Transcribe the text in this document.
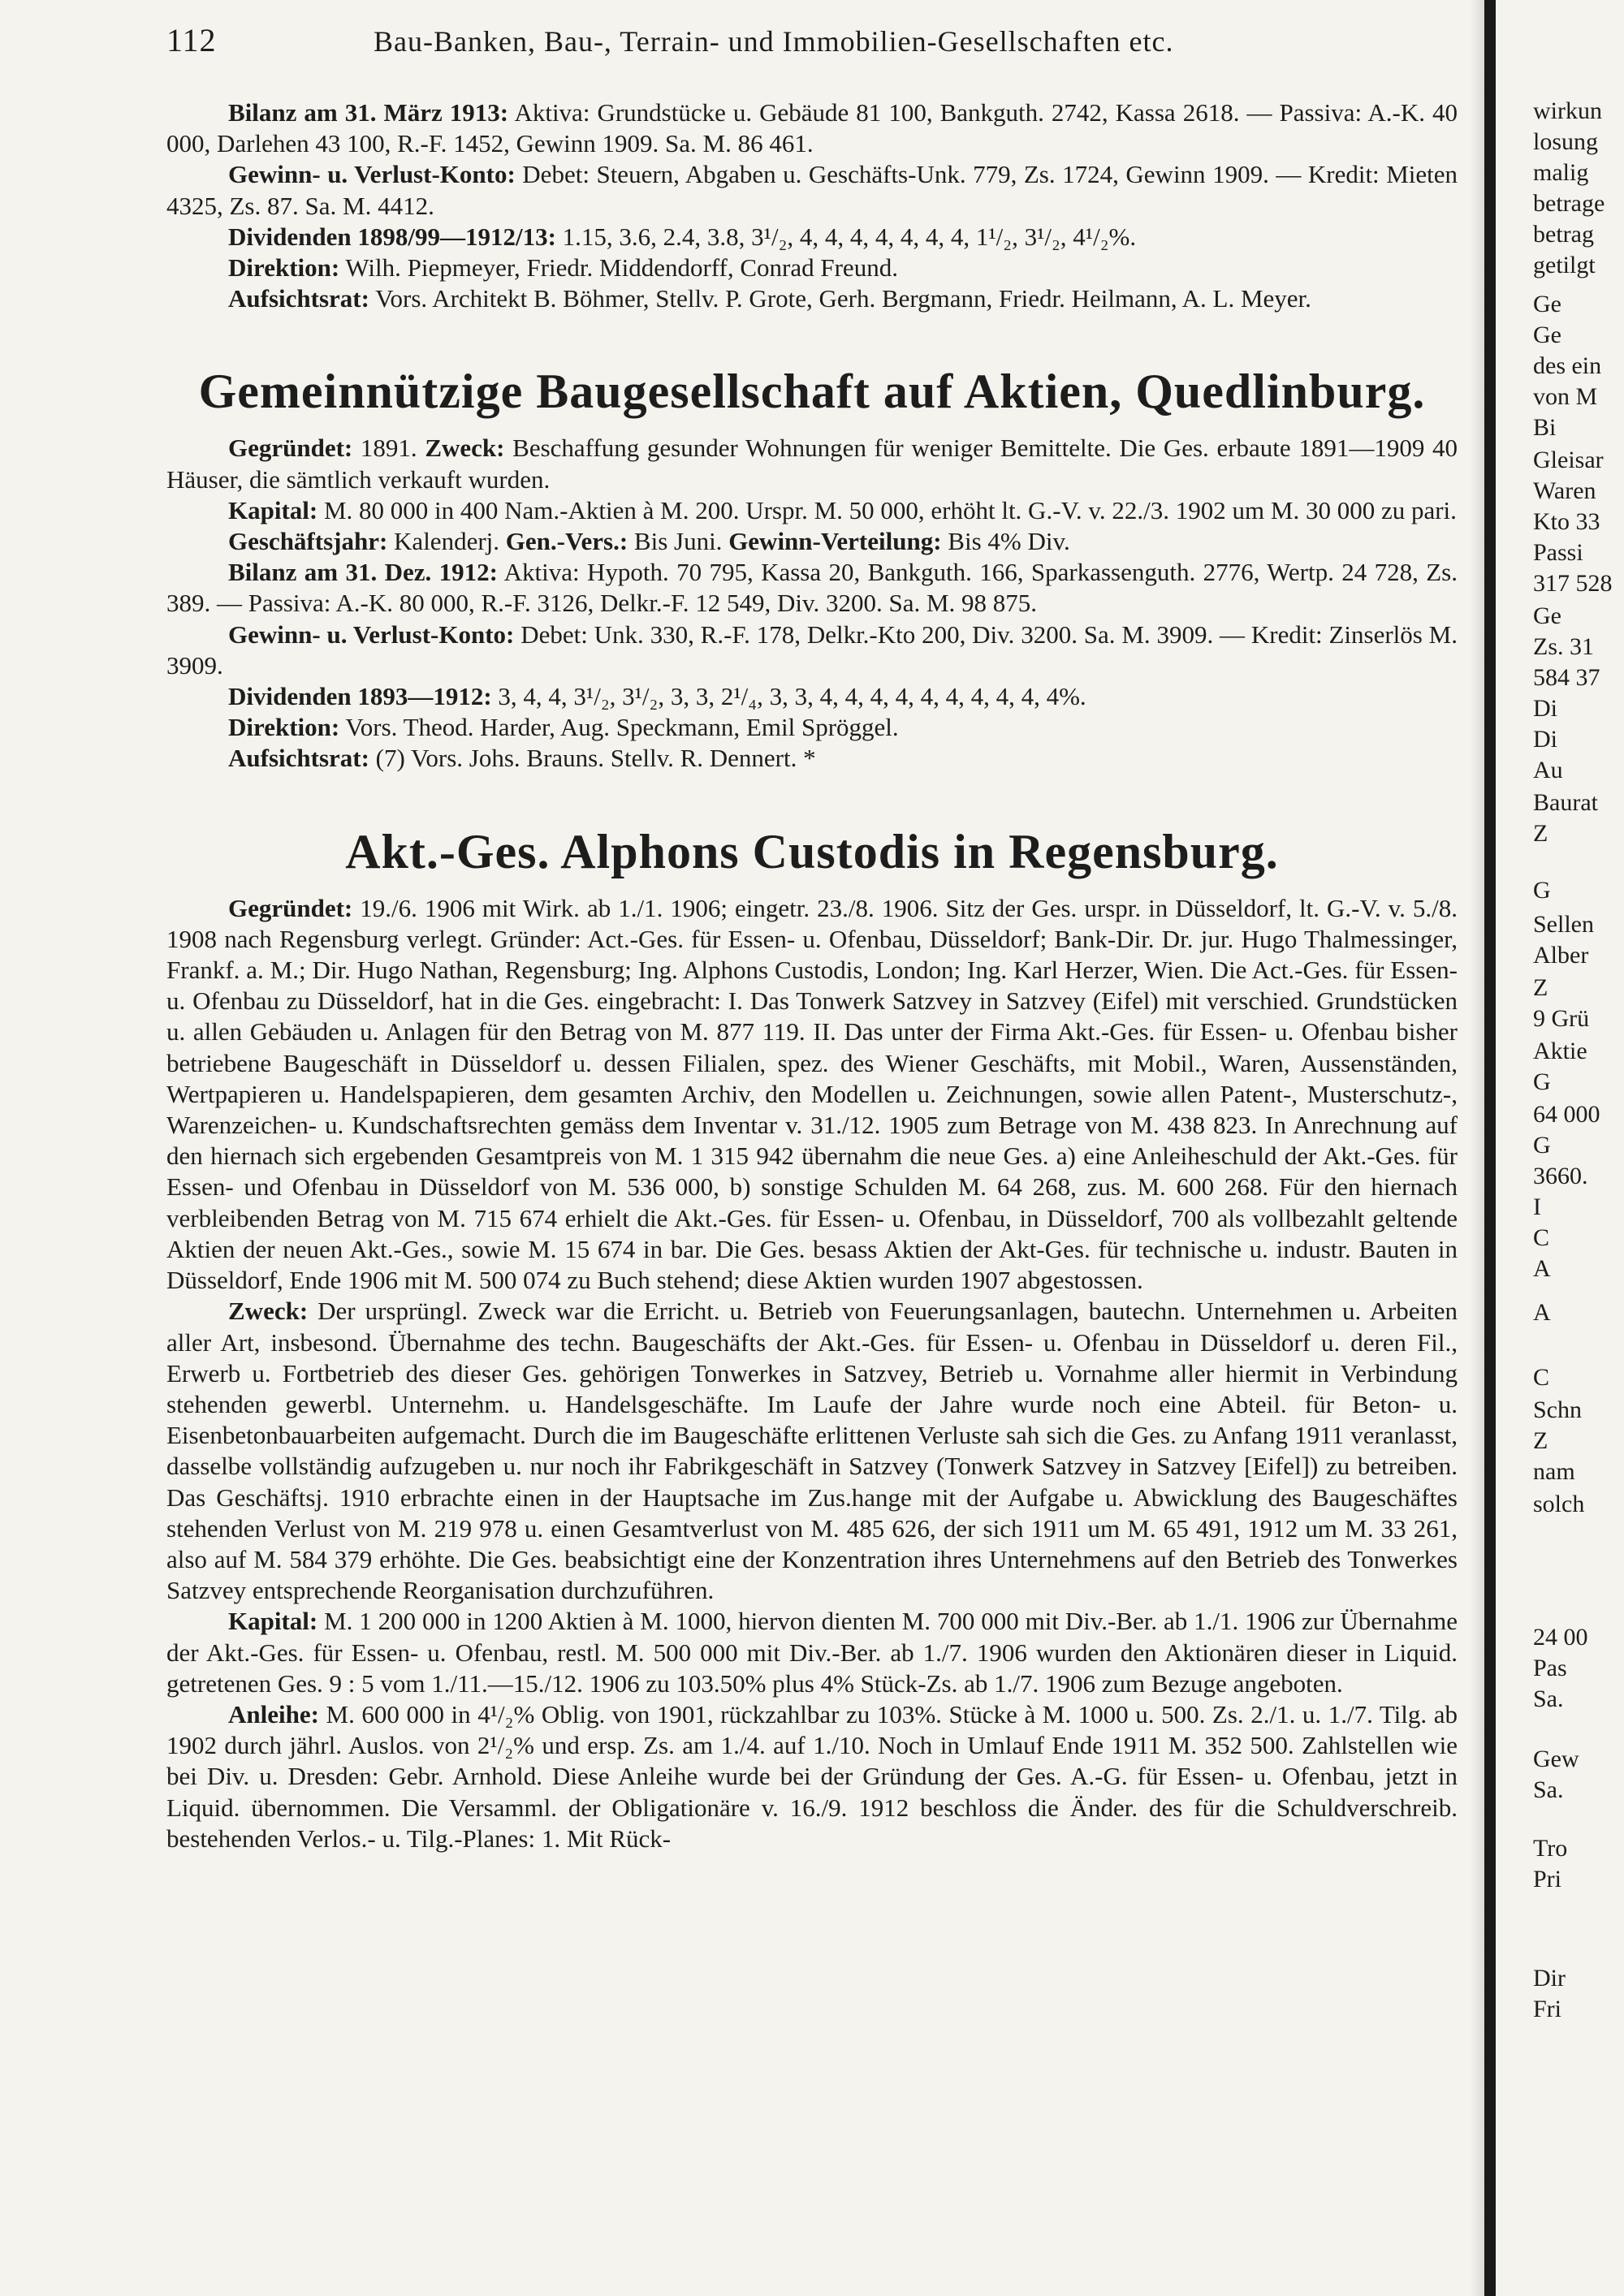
112	Bau-Banken, Bau-, Terrain- und Immobilien-Gesellschaften etc.

Bilanz am 31. März 1913: Aktiva: Grundstücke u. Gebäude 81 100, Bankguth. 2742, Kassa 2618. — Passiva: A.-K. 40 000, Darlehen 43 100, R.-F. 1452, Gewinn 1909. Sa. M. 86 461.

Gewinn- u. Verlust-Konto: Debet: Steuern, Abgaben u. Geschäfts-Unk. 779, Zs. 1724, Gewinn 1909. — Kredit: Mieten 4325, Zs. 87. Sa. M. 4412.

Dividenden 1898/99—1912/13: 1.15, 3.6, 2.4, 3.8, 3¹/₂, 4, 4, 4, 4, 4, 4, 4, 1¹/₂, 3¹/₂, 4¹/₂%.

Direktion: Wilh. Piepmeyer, Friedr. Middendorff, Conrad Freund.

Aufsichtsrat: Vors. Architekt B. Böhmer, Stellv. P. Grote, Gerh. Bergmann, Friedr. Heilmann, A. L. Meyer.

Gemeinnützige Baugesellschaft auf Aktien, Quedlinburg.

Gegründet: 1891. Zweck: Beschaffung gesunder Wohnungen für weniger Bemittelte. Die Ges. erbaute 1891—1909 40 Häuser, die sämtlich verkauft wurden.

Kapital: M. 80 000 in 400 Nam.-Aktien à M. 200. Urspr. M. 50 000, erhöht lt. G.-V. v. 22./3. 1902 um M. 30 000 zu pari.

Geschäftsjahr: Kalenderj. Gen.-Vers.: Bis Juni. Gewinn-Verteilung: Bis 4% Div.

Bilanz am 31. Dez. 1912: Aktiva: Hypoth. 70 795, Kassa 20, Bankguth. 166, Sparkassenguth. 2776, Wertp. 24 728, Zs. 389. — Passiva: A.-K. 80 000, R.-F. 3126, Delkr.-F. 12 549, Div. 3200. Sa. M. 98 875.

Gewinn- u. Verlust-Konto: Debet: Unk. 330, R.-F. 178, Delkr.-Kto 200, Div. 3200. Sa. M. 3909. — Kredit: Zinserlös M. 3909.

Dividenden 1893—1912: 3, 4, 4, 3¹/₂, 3¹/₂, 3, 3, 2¹/₄, 3, 3, 4, 4, 4, 4, 4, 4, 4, 4, 4, 4%.

Direktion: Vors. Theod. Harder, Aug. Speckmann, Emil Spröggel.

Aufsichtsrat: (7) Vors. Johs. Brauns. Stellv. R. Dennert. *

Akt.-Ges. Alphons Custodis in Regensburg.

Gegründet: 19./6. 1906 mit Wirk. ab 1./1. 1906; eingetr. 23./8. 1906. Sitz der Ges. urspr. in Düsseldorf, lt. G.-V. v. 5./8. 1908 nach Regensburg verlegt. Gründer: Act.-Ges. für Essen- u. Ofenbau, Düsseldorf; Bank-Dir. Dr. jur. Hugo Thalmessinger, Frankf. a. M.; Dir. Hugo Nathan, Regensburg; Ing. Alphons Custodis, London; Ing. Karl Herzer, Wien. Die Act.-Ges. für Essen- u. Ofenbau zu Düsseldorf, hat in die Ges. eingebracht: I. Das Tonwerk Satzvey in Satzvey (Eifel) mit verschied. Grundstücken u. allen Gebäuden u. Anlagen für den Betrag von M. 877 119. II. Das unter der Firma Akt.-Ges. für Essen- u. Ofenbau bisher betriebene Baugeschäft in Düsseldorf u. dessen Filialen, spez. des Wiener Geschäfts, mit Mobil., Waren, Aussenständen, Wertpapieren u. Handelspapieren, dem gesamten Archiv, den Modellen u. Zeichnungen, sowie allen Patent-, Musterschutz-, Warenzeichen- u. Kundschaftsrechten gemäss dem Inventar v. 31./12. 1905 zum Betrage von M. 438 823. In Anrechnung auf den hiernach sich ergebenden Gesamtpreis von M. 1 315 942 übernahm die neue Ges. a) eine Anleiheschuld der Akt.-Ges. für Essen- und Ofenbau in Düsseldorf von M. 536 000, b) sonstige Schulden M. 64 268, zus. M. 600 268. Für den hiernach verbleibenden Betrag von M. 715 674 erhielt die Akt.-Ges. für Essen- u. Ofenbau, in Düsseldorf, 700 als vollbezahlt geltende Aktien der neuen Akt.-Ges., sowie M. 15 674 in bar. Die Ges. besass Aktien der Akt-Ges. für technische u. industr. Bauten in Düsseldorf, Ende 1906 mit M. 500 074 zu Buch stehend; diese Aktien wurden 1907 abgestossen.

Zweck: Der ursprüngl. Zweck war die Erricht. u. Betrieb von Feuerungsanlagen, bautechn. Unternehmen u. Arbeiten aller Art, insbesond. Übernahme des techn. Baugeschäfts der Akt.-Ges. für Essen- u. Ofenbau in Düsseldorf u. deren Fil., Erwerb u. Fortbetrieb des dieser Ges. gehörigen Tonwerkes in Satzvey, Betrieb u. Vornahme aller hiermit in Verbindung stehenden gewerbl. Unternehm. u. Handelsgeschäfte. Im Laufe der Jahre wurde noch eine Abteil. für Beton- u. Eisenbetonbauarbeiten aufgemacht. Durch die im Baugeschäfte erlittenen Verluste sah sich die Ges. zu Anfang 1911 veranlasst, dasselbe vollständig aufzugeben u. nur noch ihr Fabrikgeschäft in Satzvey (Tonwerk Satzvey in Satzvey [Eifel]) zu betreiben. Das Geschäftsj. 1910 erbrachte einen in der Hauptsache im Zus.hange mit der Aufgabe u. Abwicklung des Baugeschäftes stehenden Verlust von M. 219 978 u. einen Gesamtverlust von M. 485 626, der sich 1911 um M. 65 491, 1912 um M. 33 261, also auf M. 584 379 erhöhte. Die Ges. beabsichtigt eine der Konzentration ihres Unternehmens auf den Betrieb des Tonwerkes Satzvey entsprechende Reorganisation durchzuführen.

Kapital: M. 1 200 000 in 1200 Aktien à M. 1000, hiervon dienten M. 700 000 mit Div.-Ber. ab 1./1. 1906 zur Übernahme der Akt.-Ges. für Essen- u. Ofenbau, restl. M. 500 000 mit Div.-Ber. ab 1./7. 1906 wurden den Aktionären dieser in Liquid. getretenen Ges. 9 : 5 vom 1./11.—15./12. 1906 zu 103.50% plus 4% Stück-Zs. ab 1./7. 1906 zum Bezuge angeboten.

Anleihe: M. 600 000 in 4¹/₂% Oblig. von 1901, rückzahlbar zu 103%. Stücke à M. 1000 u. 500. Zs. 2./1. u. 1./7. Tilg. ab 1902 durch jährl. Auslos. von 2¹/₂% und ersp. Zs. am 1./4. auf 1./10. Noch in Umlauf Ende 1911 M. 352 500. Zahlstellen wie bei Div. u. Dresden: Gebr. Arnhold. Diese Anleihe wurde bei der Gründung der Ges. A.-G. für Essen- u. Ofenbau, jetzt in Liquid. übernommen. Die Versamml. der Obligationäre v. 16./9. 1912 beschloss die Änder. des für die Schuldverschreib. bestehenden Verlos.- u. Tilg.-Planes: 1. Mit Rück-

wirkun
losung
malig
betrage
betrag
getilgt
Ge
Ge
des ein
von M
Bi
Gleisar
Waren
Kto 33
Passi
317 528
Ge
Zs. 31
584 37
Di
Di
Au
Baurat
Z
G
Sellen
Alber
Z
9 Grü
Aktie
G
64 000
G
3660.
I
C
A
A
C
Schn
Z
nam
solch
24 00
Pas
Sa.
Gew
Sa.
Tro
Pri
Dir
Fri
